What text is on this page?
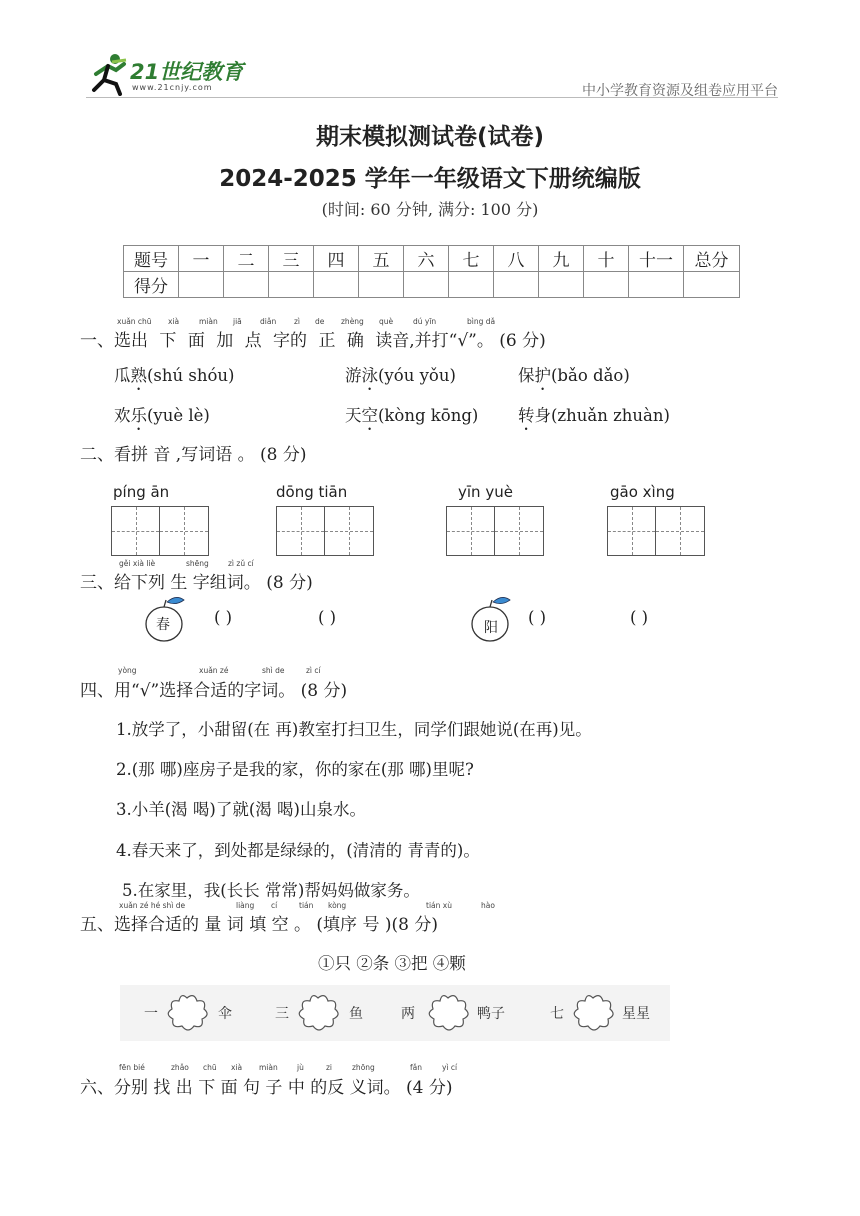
21世纪教育
www.21cnjy.com	中小学教育资源及组卷应用平台
期末模拟测试卷(试卷)
2024-2025 学年一年级语文下册统编版
(时间: 60 分钟, 满分: 100 分)
题号	一	二	三	四	五	六	七	八	九	十	十一	总分
得分												
xuǎn chū xià	miàn jiā diǎn zì de zhèng què	dú yīn	bìng dǎ
一、选出 下 面 加 点 字的 正 确 读音,并打“√”。 (6 分)
瓜熟(shú shóu)	游泳(yóu yǒu)	保护(bǎo dǎo)
欢乐(yuè lè)	天空(kòng kōng) 转身(zhuǎn zhuàn)
二、看拼 音 ,写词语 。 (8 分)
píng ān	dōng tiān	yīn yuè	gāo xìng
gěi xià liè	shēng	zì zǔ cí
三、给下列 生 字组词。 (8 分)
春	( )	( )
阳
( )	( )
yòng	xuǎn zé	shì de	zì cí
四、用“√”选择合适的字词。 (8 分)
1.放学了，小甜留(在 再)教室打扫卫生，同学们跟她说(在再)见。
2.(那 哪)座房子是我的家，你的家在(那 哪)里呢?
3.小羊(渴 喝)了就(渴 喝)山泉水。
4.春天来了，到处都是绿绿的，(清清的 青青的)。
5.在家里，我(长长 常常)帮妈妈做家务。
xuǎn zé hé shì de	liàng cí	tián kòng	tián xù	hào
五、选择合适的 量 词 填 空 。 (填序 号 )(8 分)
①只 ②条 ③把 ④颗
一	伞	三	鱼	两	鸭子	七	星星
fēn bié	zhǎo chū xià miàn	jù	zi	zhōng	fǎn	yì cí
六、分别 找 出 下 面 句 子 中 的反 义词。 (4 分)
